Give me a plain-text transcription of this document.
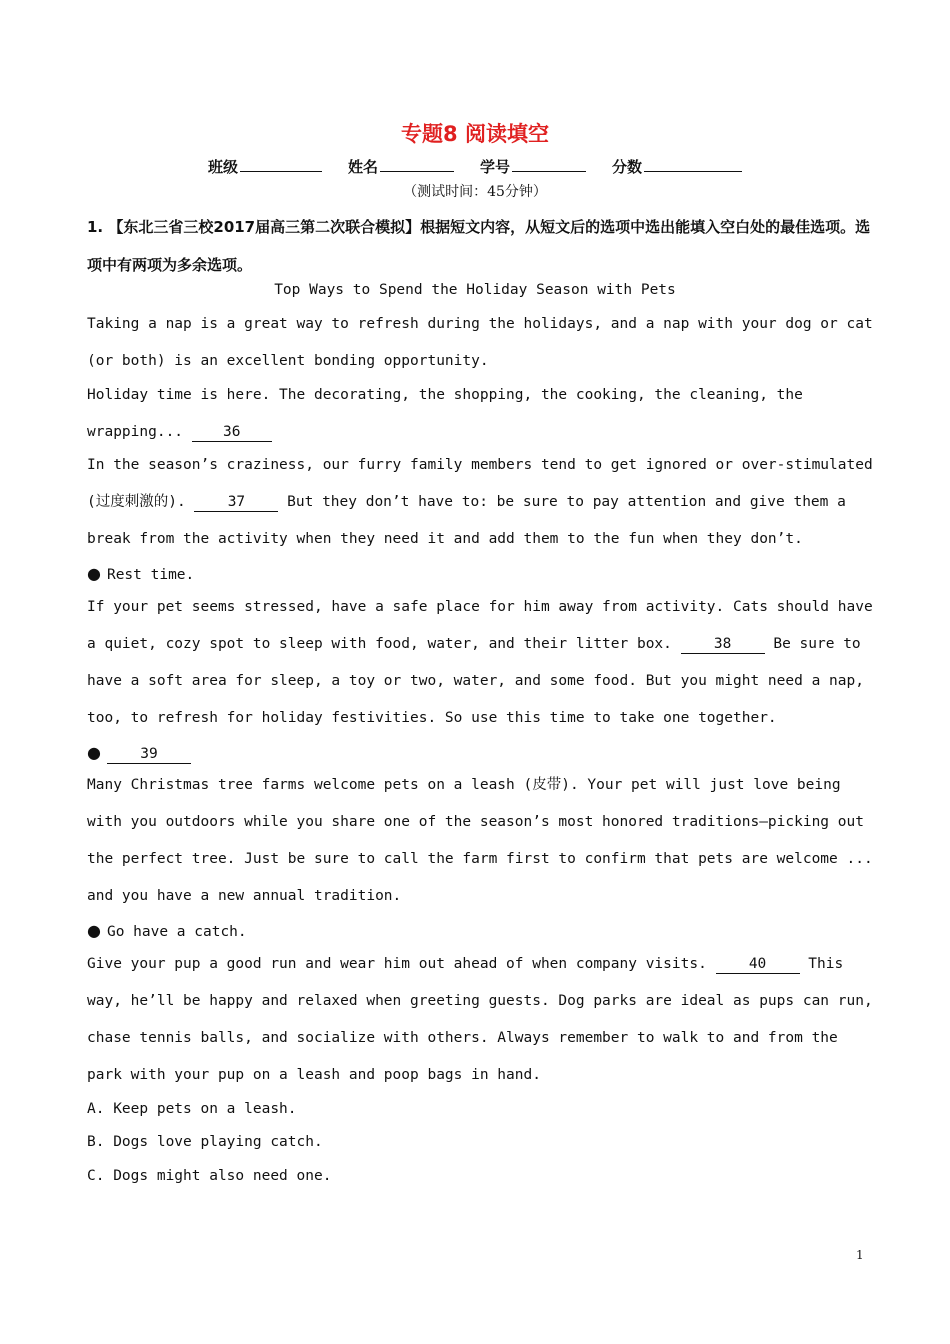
专题8 阅读填空
班级	姓名	学号	分数
（测试时间：45分钟）
1. 【东北三省三校2017届高三第二次联合模拟】根据短文内容，从短文后的选项中选出能填入空白处的最佳选项。选项中有两项为多余选项。
Top Ways to Spend the Holiday Season with Pets
Taking a nap is a great way to refresh during the holidays, and a nap with your dog or cat (or both) is an excellent bonding opportunity.
Holiday time is here. The decorating, the shopping, the cooking, the cleaning, the wrapping...	36
In the season’s craziness, our furry family members tend to get ignored or over-stimulated (过度刺激的). 37 But they don’t have to: be sure to pay attention and give them a break from the activity when they need it and add them to the fun when they don’t.
● Rest time.
If your pet seems stressed, have a safe place for him away from activity. Cats should have a quiet, cozy spot to sleep with food, water, and their litter box. 38 Be sure to have a soft area for sleep, a toy or two, water, and some food. But you might need a nap, too, to refresh for holiday festivities. So use this time to take one together.
●	39
Many Christmas tree farms welcome pets on a leash (皮带). Your pet will just love being with you outdoors while you share one of the season’s most honored traditions—picking out the perfect tree. Just be sure to call the farm first to confirm that pets are welcome ... and you have a new annual tradition.
● Go have a catch.
Give your pup a good run and wear him out ahead of when company visits. 40 This way, he’ll be happy and relaxed when greeting guests. Dog parks are ideal as pups can run, chase tennis balls, and socialize with others. Always remember to walk to and from the park with your pup on a leash and poop bags in hand.
A. Keep pets on a leash.
B. Dogs love playing catch.
C. Dogs might also need one.
1
